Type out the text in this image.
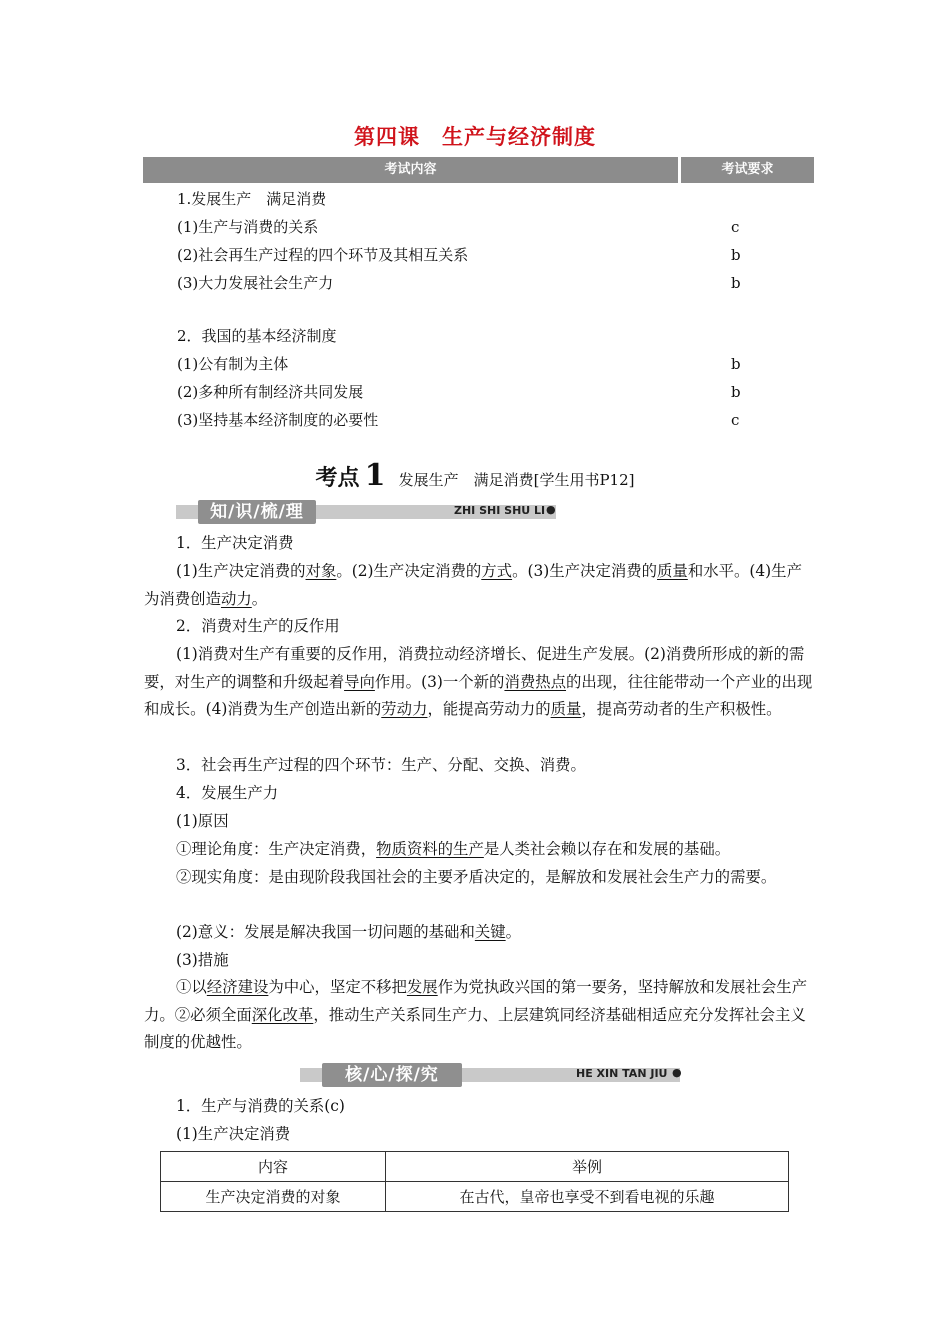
第四课　生产与经济制度
考试内容	考试要求
1.发展生产　满足消费
(1)生产与消费的关系	c
(2)社会再生产过程的四个环节及其相互关系	b
(3)大力发展社会生产力	b
2．我国的基本经济制度
(1)公有制为主体	b
(2)多种所有制经济共同发展	b
(3)坚持基本经济制度的必要性	c
考点 1 发展生产　满足消费[学生用书P12]
知/识/梳/理	ZHI SHI SHU LI ●
1．生产决定消费
(1)生产决定消费的对象。(2)生产决定消费的方式。(3)生产决定消费的质量和水平。(4)生产为消费创造动力。
2．消费对生产的反作用
(1)消费对生产有重要的反作用，消费拉动经济增长、促进生产发展。(2)消费所形成的新的需要，对生产的调整和升级起着导向作用。(3)一个新的消费热点的出现，往往能带动一个产业的出现和成长。(4)消费为生产创造出新的劳动力，能提高劳动力的质量，提高劳动者的生产积极性。
3．社会再生产过程的四个环节：生产、分配、交换、消费。
4．发展生产力
(1)原因
①理论角度：生产决定消费，物质资料的生产是人类社会赖以存在和发展的基础。
②现实角度：是由现阶段我国社会的主要矛盾决定的，是解放和发展社会生产力的需要。
(2)意义：发展是解决我国一切问题的基础和关键。
(3)措施
①以经济建设为中心，坚定不移把发展作为党执政兴国的第一要务，坚持解放和发展社会生产力。②必须全面深化改革，推动生产关系同生产力、上层建筑同经济基础相适应充分发挥社会主义制度的优越性。
核/心/探/究	HE XIN TAN JIU ●
1．生产与消费的关系(c)
(1)生产决定消费
内容	举例
生产决定消费的对象	在古代，皇帝也享受不到看电视的乐趣
